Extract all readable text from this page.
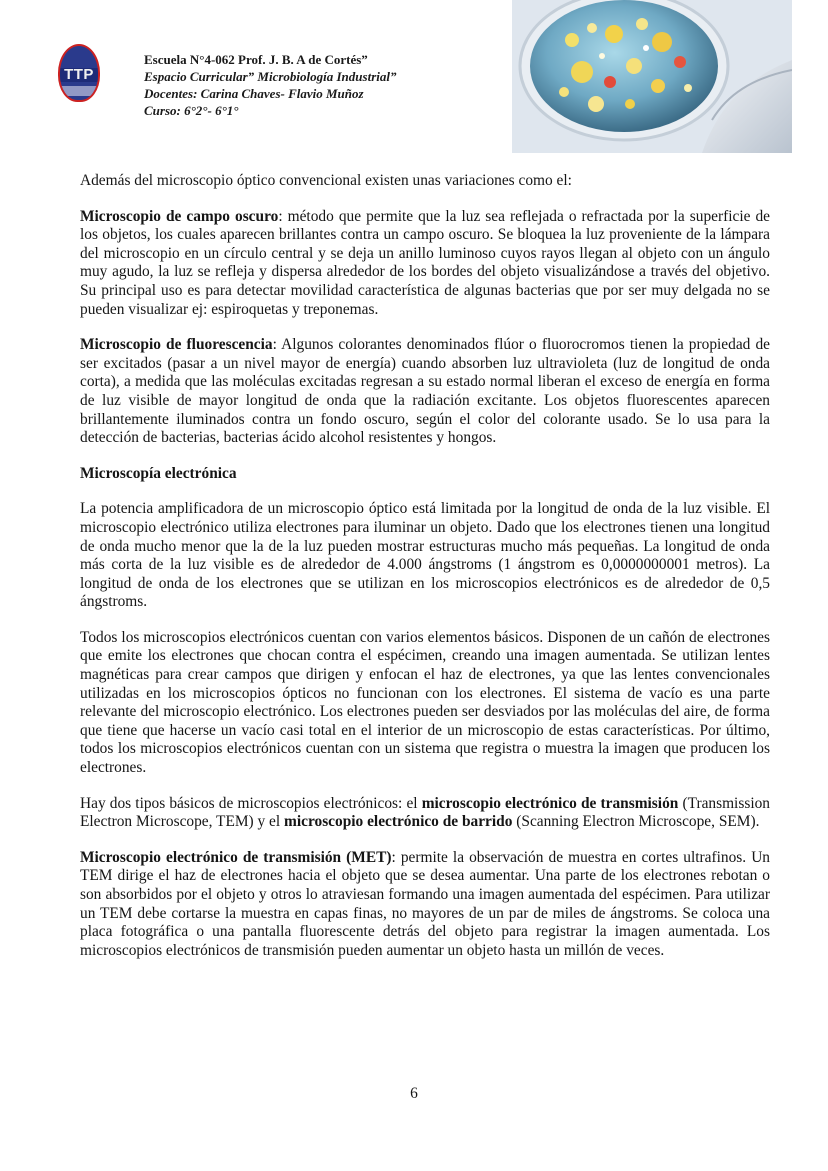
TTP
Escuela N°4-062 Prof. J. B. A de Cortés”
Espacio Curricular” Microbiología Industrial”
Docentes: Carina Chaves- Flavio Muñoz
Curso: 6°2°- 6°1°

Además del microscopio óptico convencional existen unas variaciones como el:

Microscopio de campo oscuro: método que permite que la luz sea reflejada o refractada por la superficie de los objetos, los cuales aparecen brillantes contra un campo oscuro. Se bloquea la luz proveniente de la lámpara del microscopio en un círculo central y se deja un anillo luminoso cuyos rayos llegan al objeto con un ángulo muy agudo, la luz se refleja y dispersa alrededor de los bordes del objeto visualizándose a través del objetivo. Su principal uso es para detectar movilidad característica de algunas bacterias que por ser muy delgada no se pueden visualizar ej: espiroquetas y treponemas.

Microscopio de fluorescencia: Algunos colorantes denominados flúor o fluorocromos tienen la propiedad de ser excitados (pasar a un nivel mayor de energía) cuando absorben luz ultravioleta (luz de longitud de onda corta), a medida que las moléculas excitadas regresan a su estado normal liberan el exceso de energía en forma de luz visible de mayor longitud de onda que la radiación excitante. Los objetos fluorescentes aparecen brillantemente iluminados contra un fondo oscuro, según el color del colorante usado. Se lo usa para la detección de bacterias, bacterias ácido alcohol resistentes y hongos.

Microscopía electrónica

La potencia amplificadora de un microscopio óptico está limitada por la longitud de onda de la luz visible. El microscopio electrónico utiliza electrones para iluminar un objeto. Dado que los electrones tienen una longitud de onda mucho menor que la de la luz pueden mostrar estructuras mucho más pequeñas. La longitud de onda más corta de la luz visible es de alrededor de 4.000 ángstroms (1 ángstrom es 0,0000000001 metros). La longitud de onda de los electrones que se utilizan en los microscopios electrónicos es de alrededor de 0,5 ángstroms.

Todos los microscopios electrónicos cuentan con varios elementos básicos. Disponen de un cañón de electrones que emite los electrones que chocan contra el espécimen, creando una imagen aumentada. Se utilizan lentes magnéticas para crear campos que dirigen y enfocan el haz de electrones, ya que las lentes convencionales utilizadas en los microscopios ópticos no funcionan con los electrones. El sistema de vacío es una parte relevante del microscopio electrónico. Los electrones pueden ser desviados por las moléculas del aire, de forma que tiene que hacerse un vacío casi total en el interior de un microscopio de estas características. Por último, todos los microscopios electrónicos cuentan con un sistema que registra o muestra la imagen que producen los electrones.

Hay dos tipos básicos de microscopios electrónicos: el microscopio electrónico de transmisión (Transmission Electron Microscope, TEM) y el microscopio electrónico de barrido (Scanning Electron Microscope, SEM).

Microscopio electrónico de transmisión (MET): permite la observación de muestra en cortes ultrafinos. Un TEM dirige el haz de electrones hacia el objeto que se desea aumentar. Una parte de los electrones rebotan o son absorbidos por el objeto y otros lo atraviesan formando una imagen aumentada del espécimen. Para utilizar un TEM debe cortarse la muestra en capas finas, no mayores de un par de miles de ángstroms. Se coloca una placa fotográfica o una pantalla fluorescente detrás del objeto para registrar la imagen aumentada. Los microscopios electrónicos de transmisión pueden aumentar un objeto hasta un millón de veces.

6
